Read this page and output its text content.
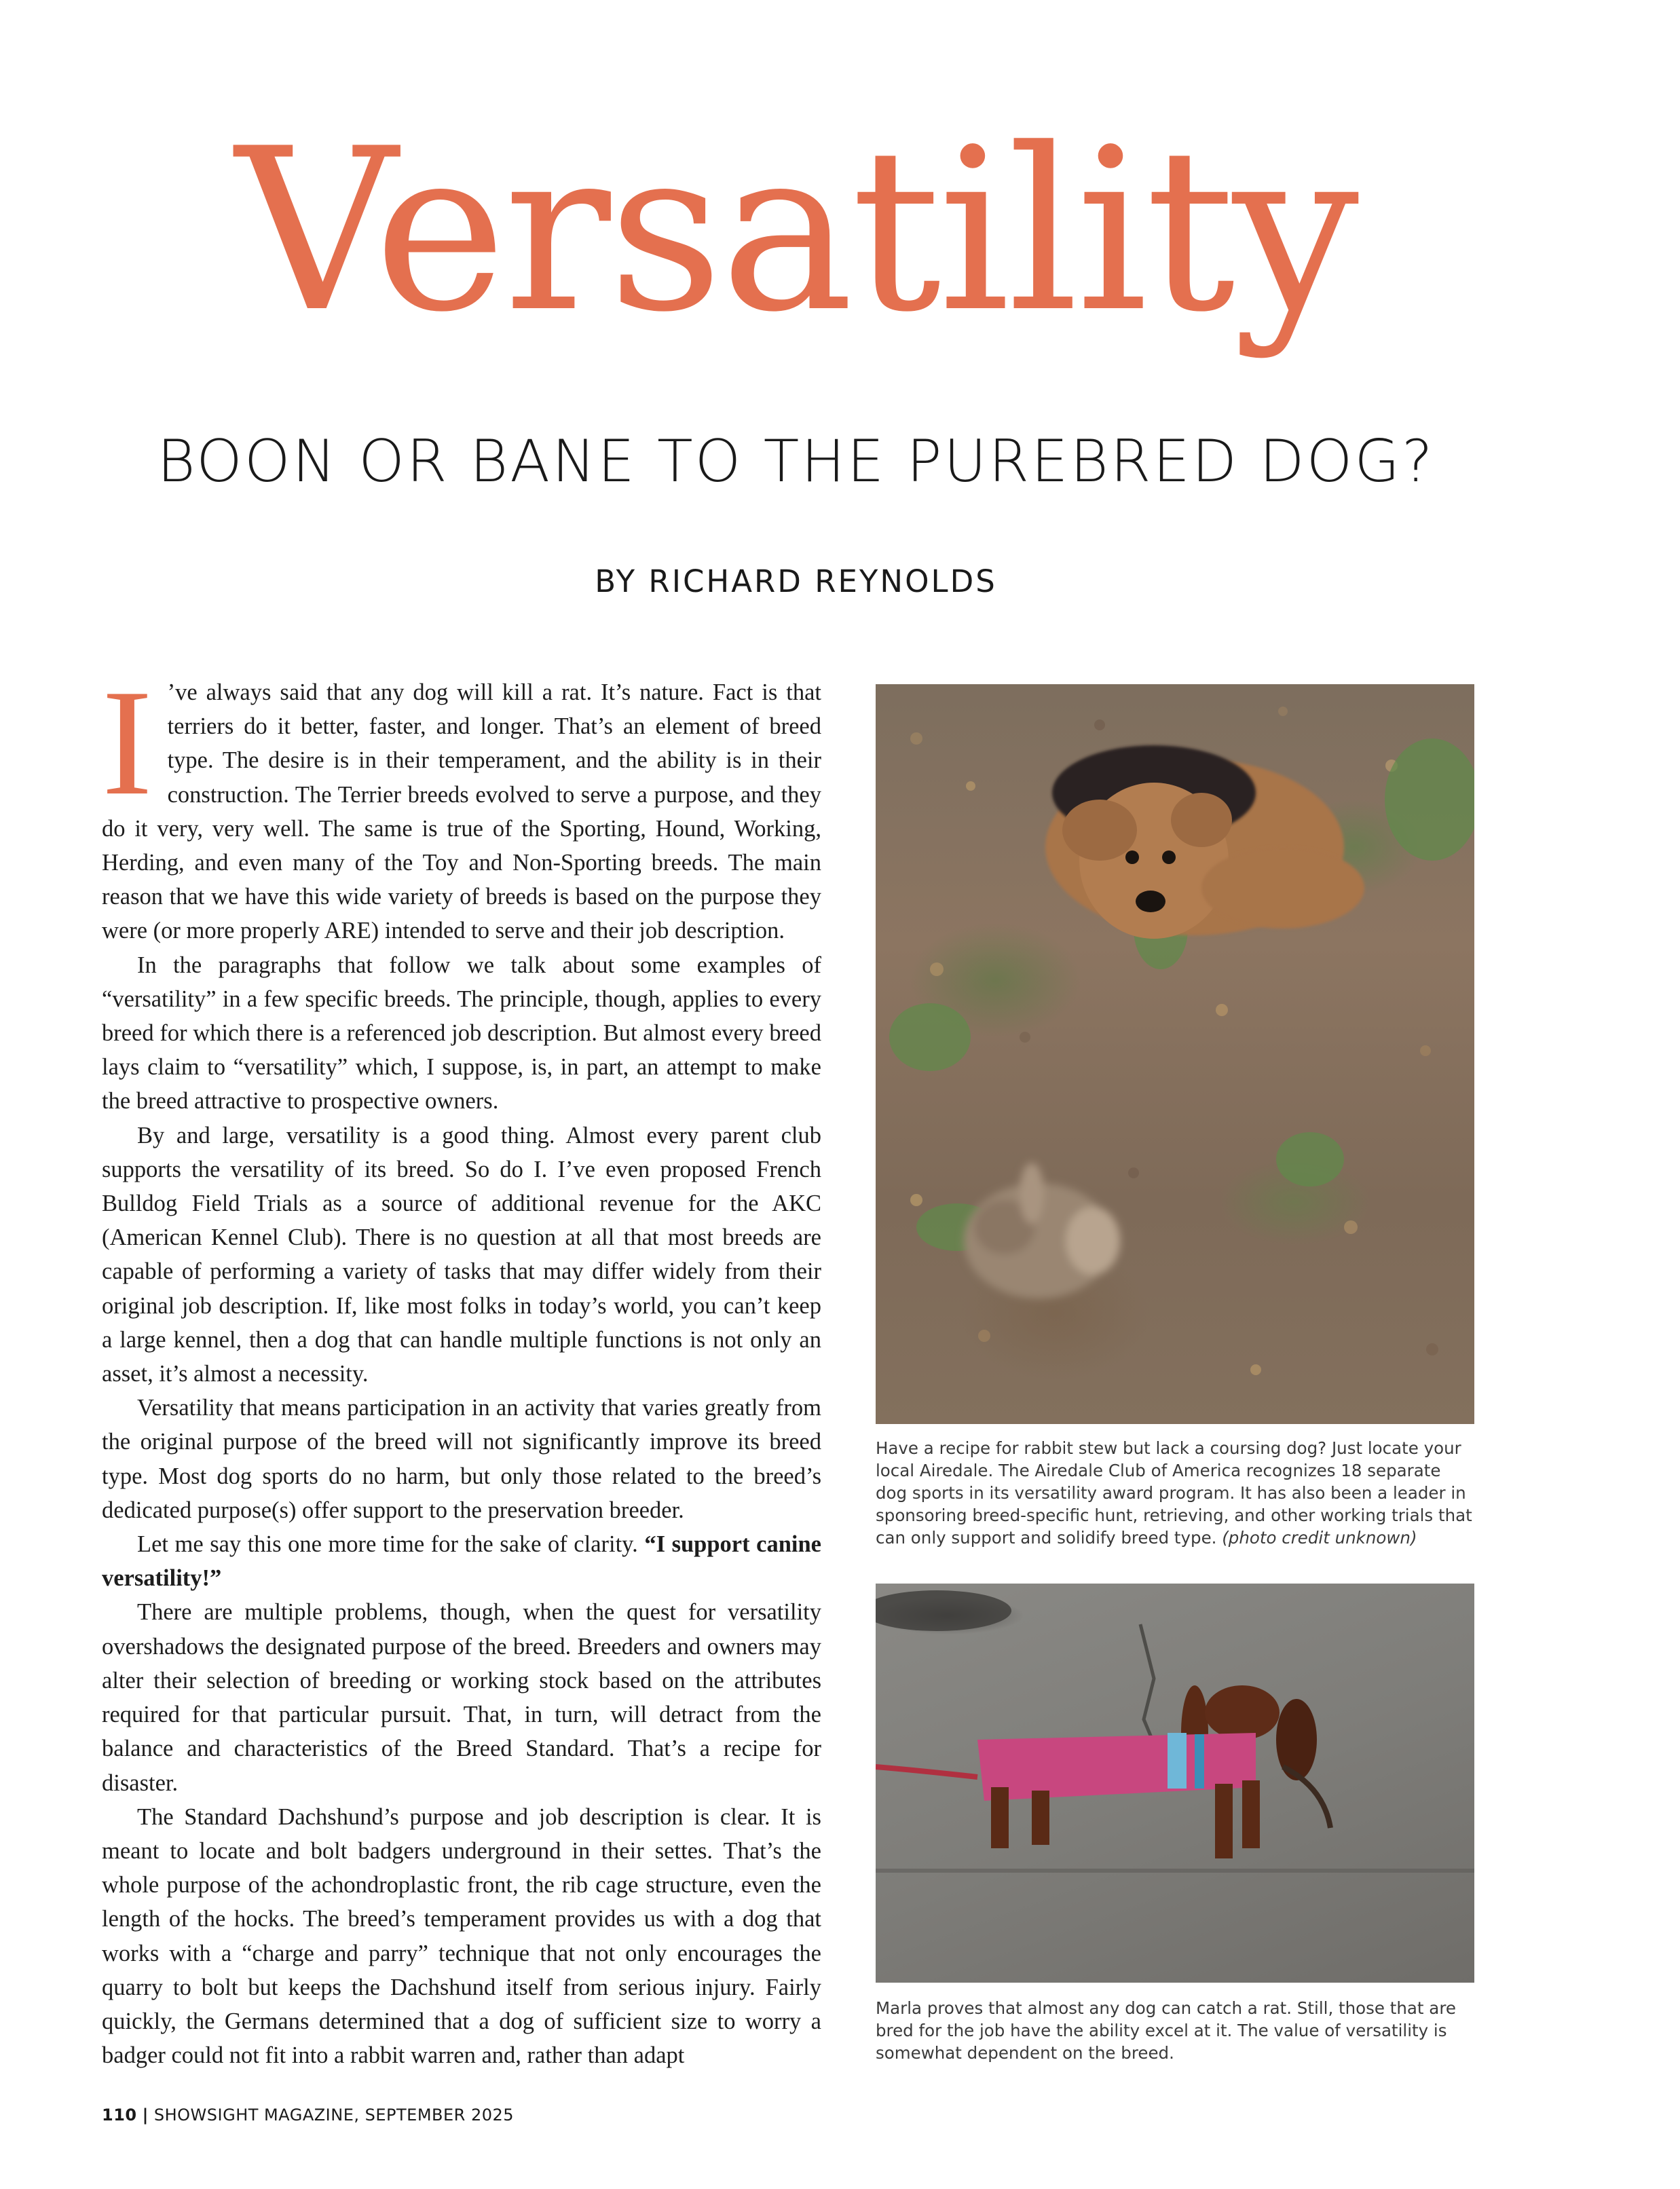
Versatility
BOON OR BANE TO THE PUREBRED DOG?

BY RICHARD REYNOLDS

I ’ve always said that any dog will kill a rat. It’s nature. Fact is that terriers do it better, faster, and longer. That’s an element of breed type. The desire is in their temperament, and the ability is in their construction. The Terrier breeds evolved to serve a purpose, and they do it very, very well. The same is true of the Sporting, Hound, Working, Herding, and even many of the Toy and Non-Sporting breeds. The main reason that we have this wide variety of breeds is based on the purpose they were (or more properly ARE) intended to serve and their job description.

In the paragraphs that follow we talk about some examples of “versatility” in a few specific breeds. The principle, though, applies to every breed for which there is a referenced job description. But almost every breed lays claim to “versatility” which, I suppose, is, in part, an attempt to make the breed attractive to prospective owners.

By and large, versatility is a good thing. Almost every parent club supports the versatility of its breed. So do I. I’ve even proposed French Bulldog Field Trials as a source of additional revenue for the AKC (American Kennel Club). There is no question at all that most breeds are capable of performing a variety of tasks that may differ widely from their original job description. If, like most folks in today’s world, you can’t keep a large kennel, then a dog that can handle multiple functions is not only an asset, it’s almost a necessity.

Versatility that means participation in an activity that varies greatly from the original purpose of the breed will not significantly improve its breed type. Most dog sports do no harm, but only those related to the breed’s dedicated purpose(s) offer support to the preservation breeder.

Let me say this one more time for the sake of clarity. “I support canine versatility!”

There are multiple problems, though, when the quest for versatility overshadows the designated purpose of the breed. Breeders and owners may alter their selection of breeding or working stock based on the attributes required for that particular pursuit. That, in turn, will detract from the balance and characteristics of the Breed Standard. That’s a recipe for disaster.

The Standard Dachshund’s purpose and job description is clear. It is meant to locate and bolt badgers underground in their settes. That’s the whole purpose of the achondroplastic front, the rib cage structure, even the length of the hocks. The breed’s temperament provides us with a dog that works with a “charge and parry” technique that not only encourages the quarry to bolt but keeps the Dachshund itself from serious injury. Fairly quickly, the Germans determined that a dog of sufficient size to worry a badger could not fit into a rabbit warren and, rather than adapt

Have a recipe for rabbit stew but lack a coursing dog? Just locate your local Airedale. The Airedale Club of America recognizes 18 separate dog sports in its versatility award program. It has also been a leader in sponsoring breed-specific hunt, retrieving, and other working trials that can only support and solidify breed type. (photo credit unknown)

Marla proves that almost any dog can catch a rat. Still, those that are bred for the job have the ability excel at it. The value of versatility is somewhat dependent on the breed.

110 | SHOWSIGHT MAGAZINE, SEPTEMBER 2025
